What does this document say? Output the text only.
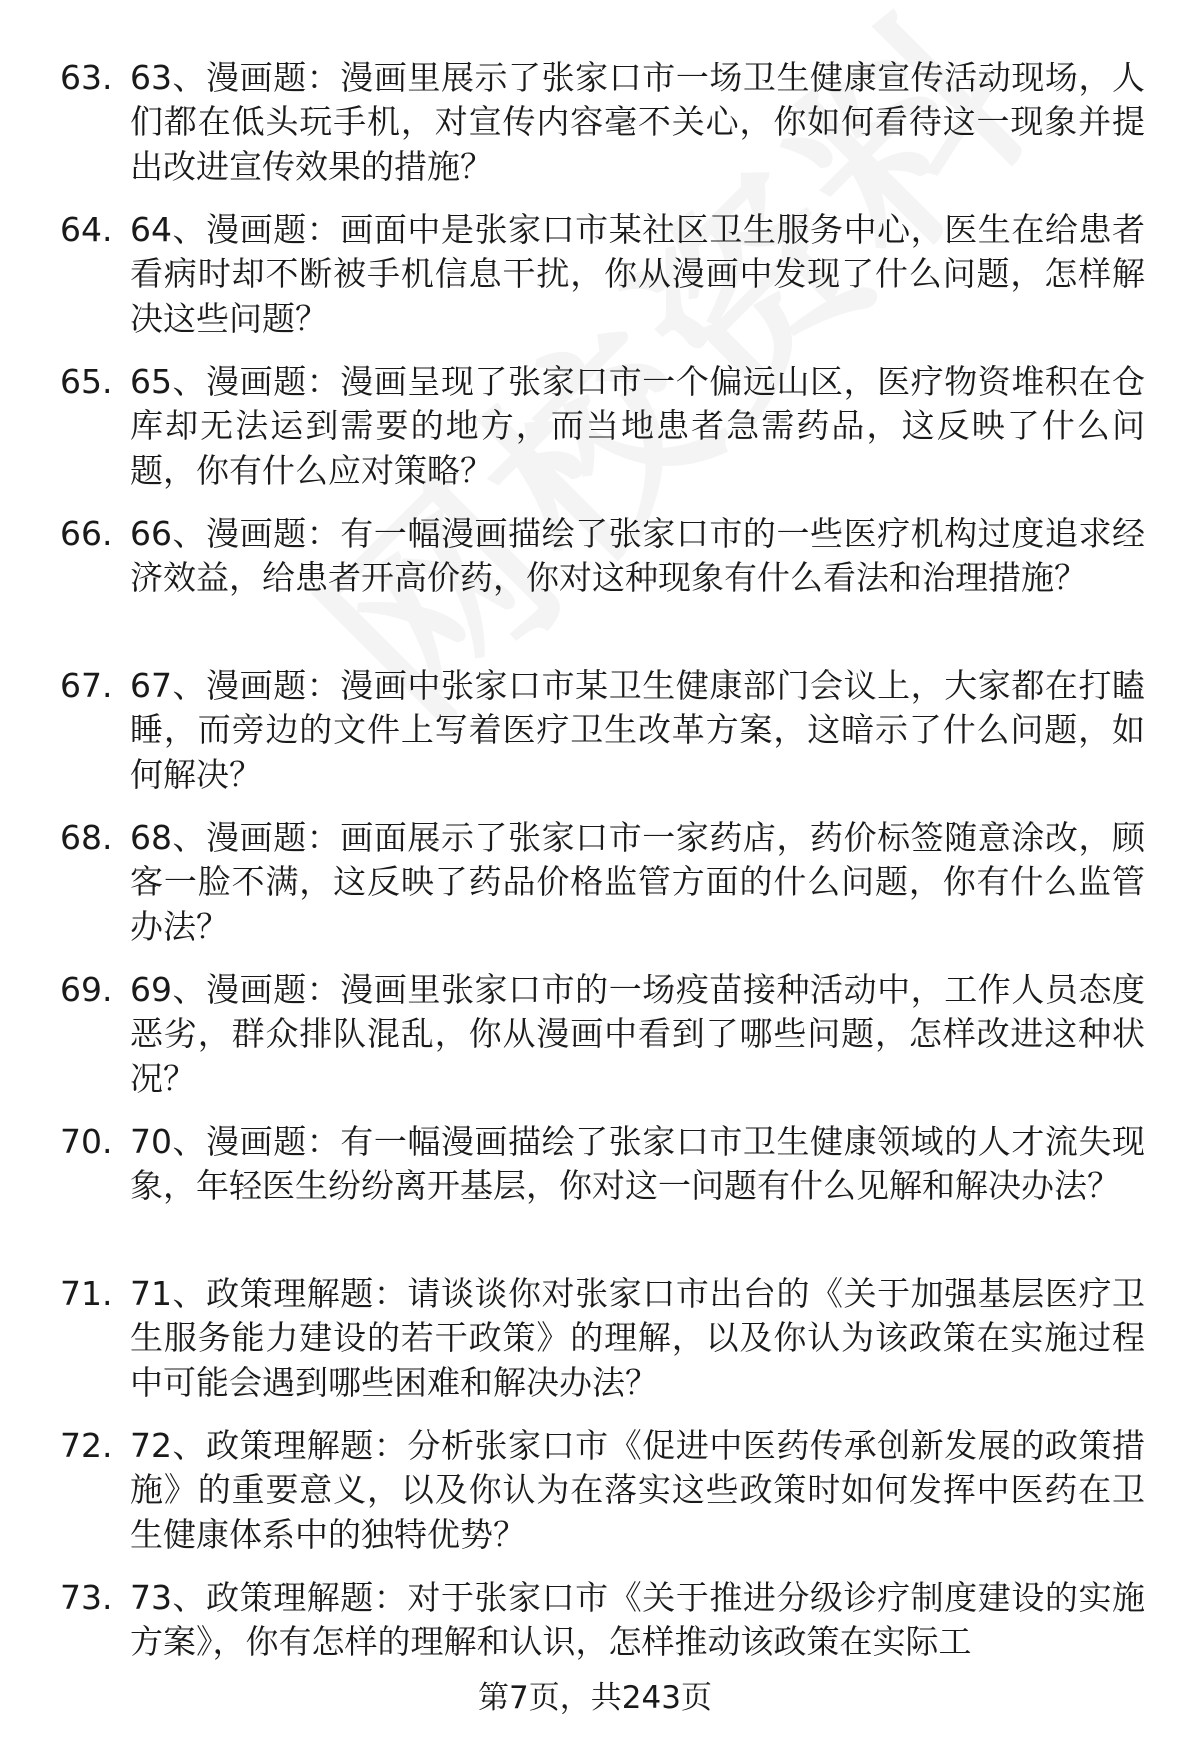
63. 63、漫画题：漫画里展示了张家口市一场卫生健康宣传活动现场，人们都在低头玩手机，对宣传内容毫不关心，你如何看待这一现象并提出改进宣传效果的措施？
64. 64、漫画题：画面中是张家口市某社区卫生服务中心，医生在给患者看病时却不断被手机信息干扰，你从漫画中发现了什么问题，怎样解决这些问题？
65. 65、漫画题：漫画呈现了张家口市一个偏远山区，医疗物资堆积在仓库却无法运到需要的地方，而当地患者急需药品，这反映了什么问题，你有什么应对策略？
66. 66、漫画题：有一幅漫画描绘了张家口市的一些医疗机构过度追求经济效益，给患者开高价药，你对这种现象有什么看法和治理措施？
67. 67、漫画题：漫画中张家口市某卫生健康部门会议上，大家都在打瞌睡，而旁边的文件上写着医疗卫生改革方案，这暗示了什么问题，如何解决？
68. 68、漫画题：画面展示了张家口市一家药店，药价标签随意涂改，顾客一脸不满，这反映了药品价格监管方面的什么问题，你有什么监管办法？
69. 69、漫画题：漫画里张家口市的一场疫苗接种活动中，工作人员态度恶劣，群众排队混乱，你从漫画中看到了哪些问题，怎样改进这种状况？
70. 70、漫画题：有一幅漫画描绘了张家口市卫生健康领域的人才流失现象，年轻医生纷纷离开基层，你对这一问题有什么见解和解决办法？
71. 71、政策理解题：请谈谈你对张家口市出台的《关于加强基层医疗卫生服务能力建设的若干政策》的理解，以及你认为该政策在实施过程中可能会遇到哪些困难和解决办法？
72. 72、政策理解题：分析张家口市《促进中医药传承创新发展的政策措施》的重要意义，以及你认为在落实这些政策时如何发挥中医药在卫生健康体系中的独特优势？
73. 73、政策理解题：对于张家口市《关于推进分级诊疗制度建设的实施方案》，你有怎样的理解和认识，怎样推动该政策在实际工
第7页，共243页
